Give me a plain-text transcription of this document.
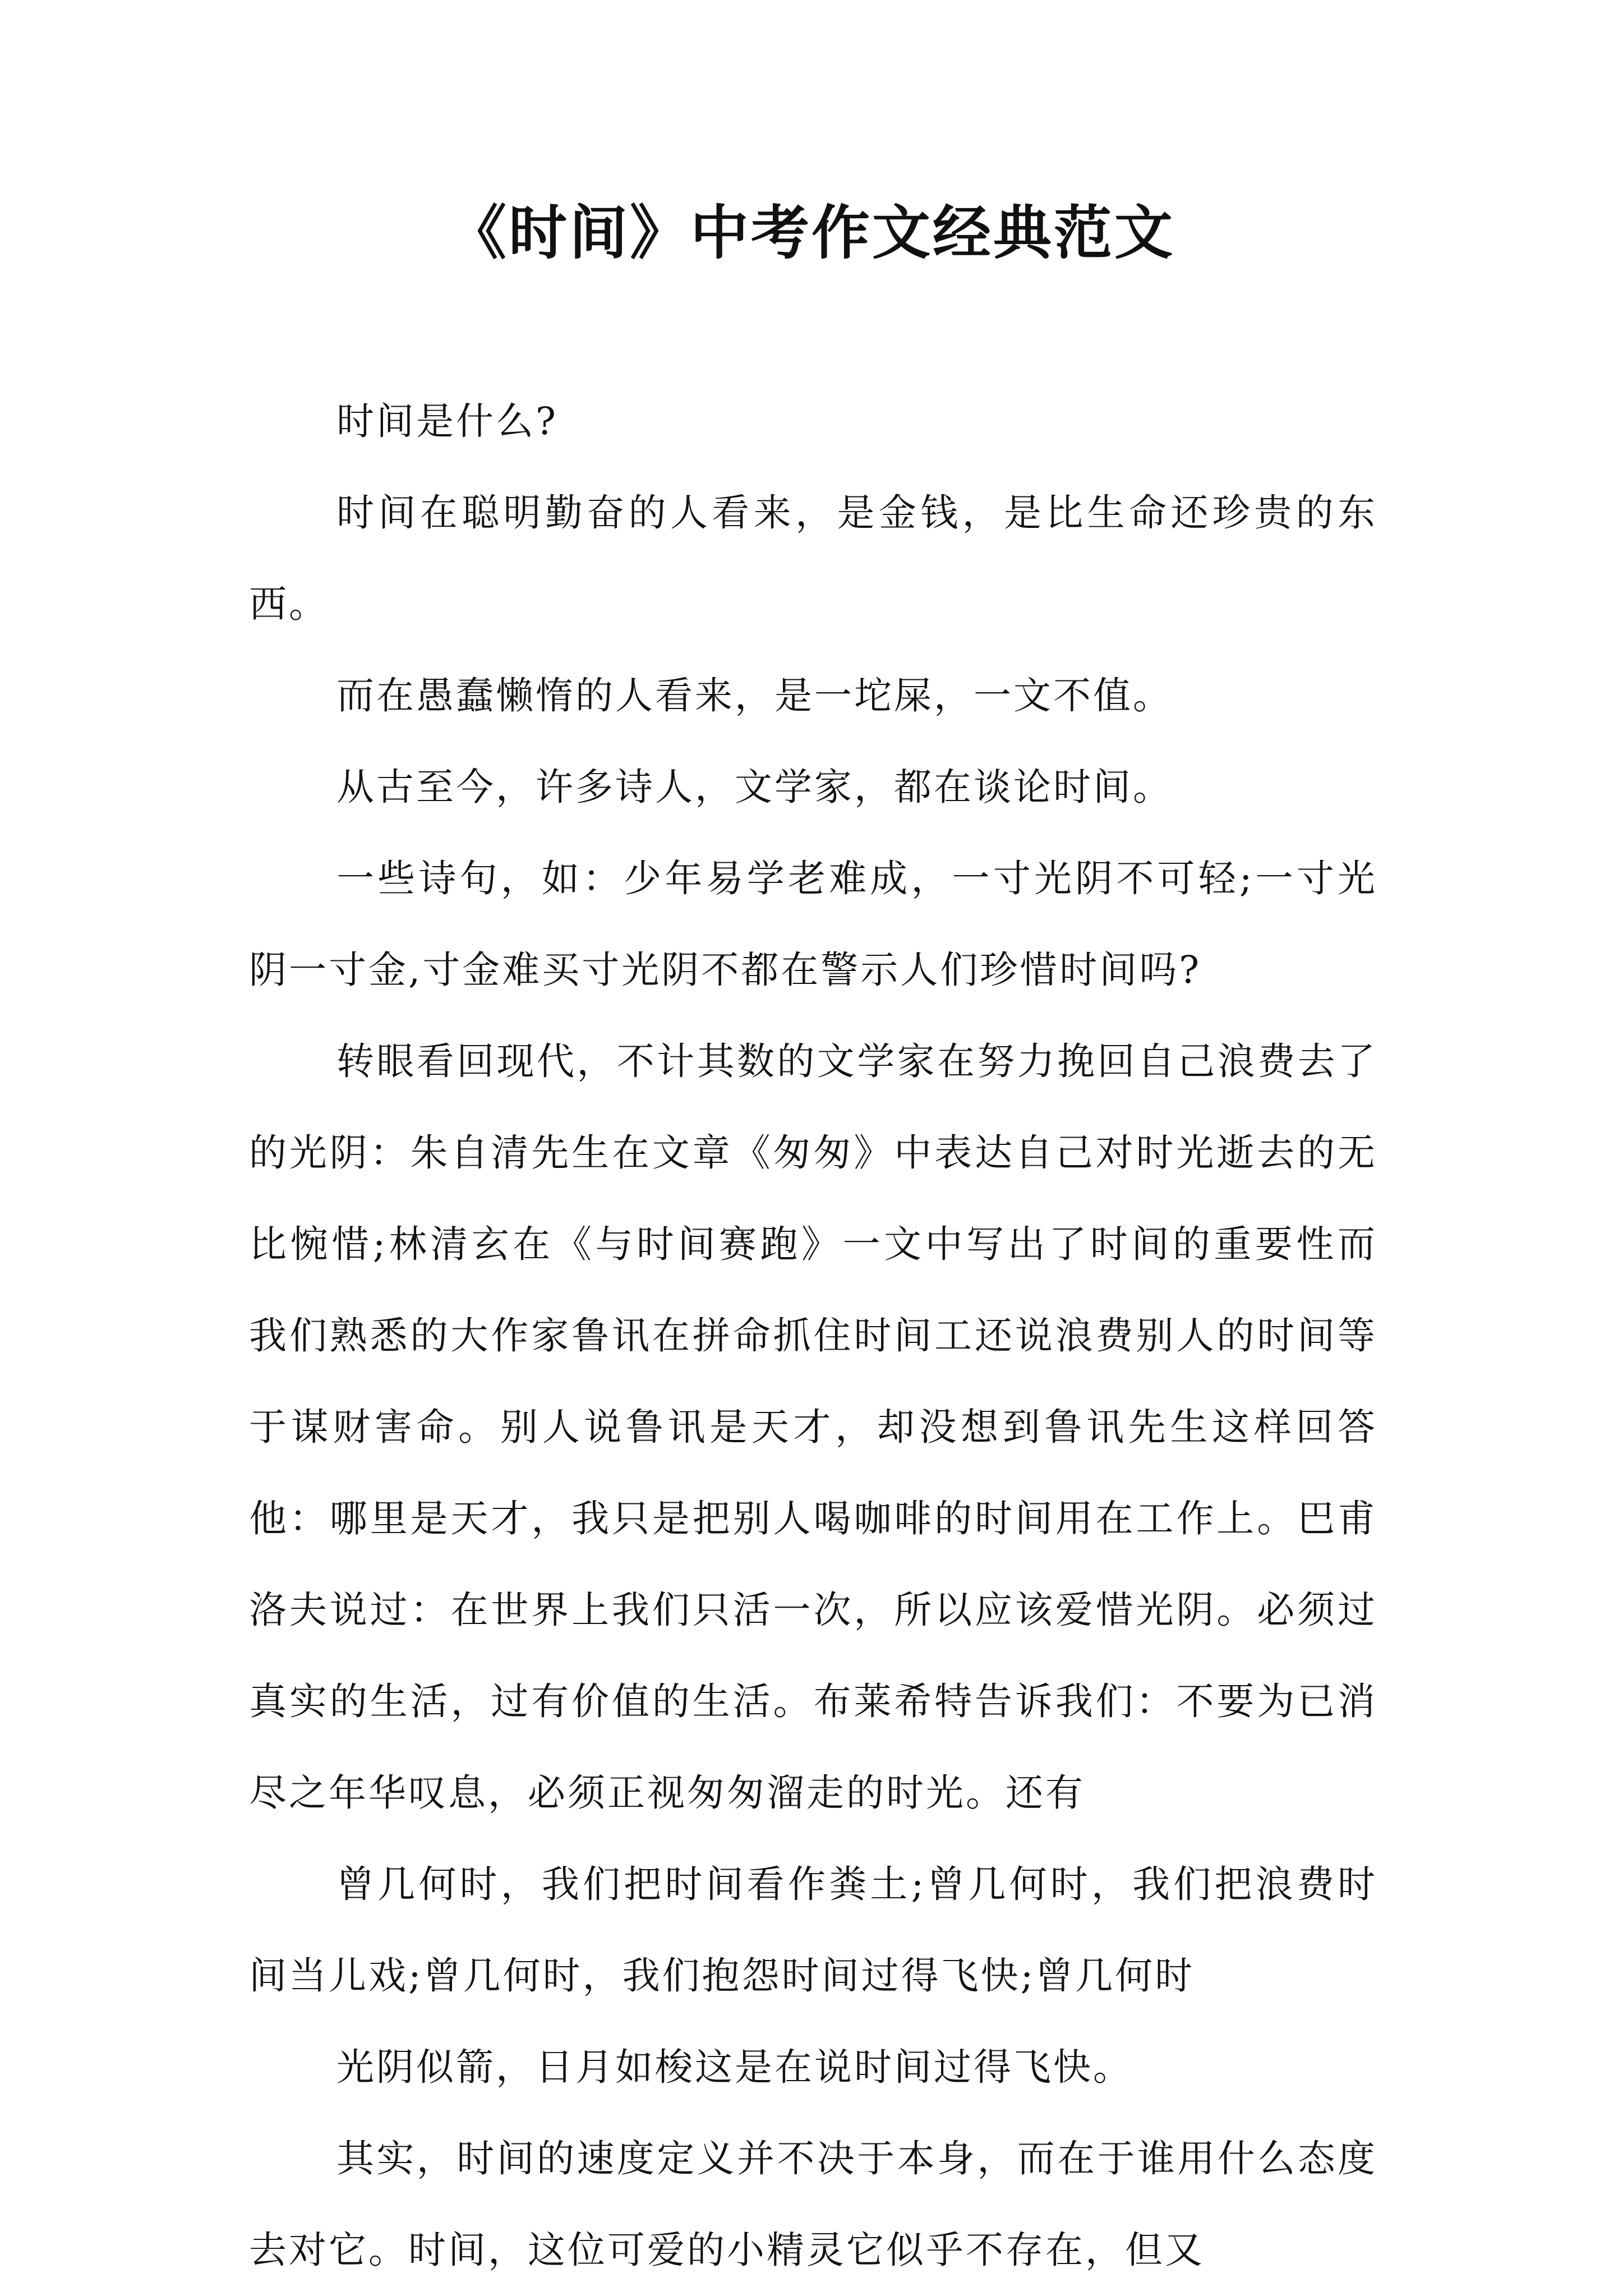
《时间》中考作文经典范文

时间是什么?

时间在聪明勤奋的人看来，是金钱，是比生命还珍贵的东西。

而在愚蠢懒惰的人看来，是一坨屎，一文不值。

从古至今，许多诗人，文学家，都在谈论时间。

一些诗句，如：少年易学老难成，一寸光阴不可轻;一寸光阴一寸金,寸金难买寸光阴不都在警示人们珍惜时间吗?

转眼看回现代，不计其数的文学家在努力挽回自己浪费去了的光阴：朱自清先生在文章《匆匆》中表达自己对时光逝去的无比惋惜;林清玄在《与时间赛跑》一文中写出了时间的重要性而我们熟悉的大作家鲁讯在拼命抓住时间工还说浪费别人的时间等于谋财害命。别人说鲁讯是天才，却没想到鲁讯先生这样回答他：哪里是天才，我只是把别人喝咖啡的时间用在工作上。巴甫洛夫说过：在世界上我们只活一次，所以应该爱惜光阴。必须过真实的生活，过有价值的生活。布莱希特告诉我们：不要为已消尽之年华叹息，必须正视匆匆溜走的时光。还有

曾几何时，我们把时间看作粪土;曾几何时，我们把浪费时间当儿戏;曾几何时，我们抱怨时间过得飞快;曾几何时

光阴似箭，日月如梭这是在说时间过得飞快。

其实，时间的速度定义并不决于本身，而在于谁用什么态度去对它。时间，这位可爱的小精灵它似乎不存在，但又
